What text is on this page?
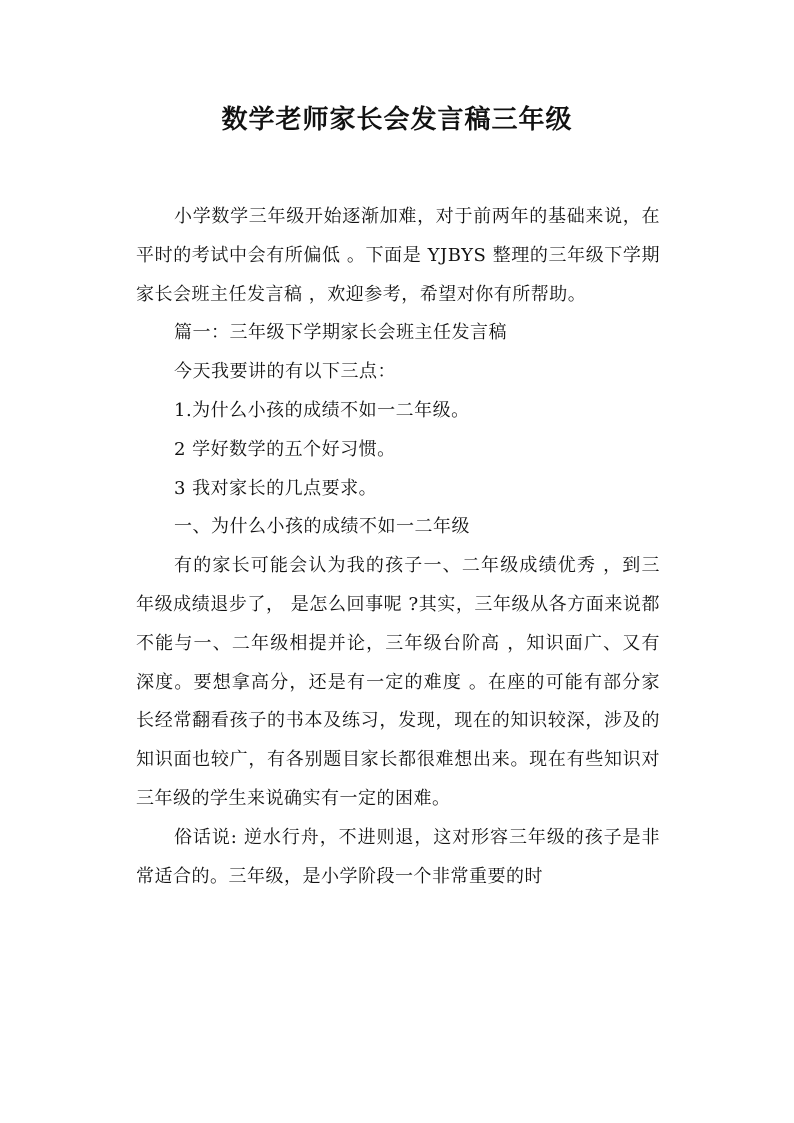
数学老师家长会发言稿三年级

小学数学三年级开始逐渐加难，对于前两年的基础来说，在平时的考试中会有所偏低 。下面是 YJBYS 整理的三年级下学期家长会班主任发言稿 ，欢迎参考，希望对你有所帮助。

篇一：三年级下学期家长会班主任发言稿

今天我要讲的有以下三点：

1.为什么小孩的成绩不如一二年级。

2 学好数学的五个好习惯。

3 我对家长的几点要求。

一、为什么小孩的成绩不如一二年级

有的家长可能会认为我的孩子一、二年级成绩优秀 ，到三年级成绩退步了， 是怎么回事呢 ?其实，三年级从各方面来说都不能与一、二年级相提并论，三年级台阶高 ，知识面广、又有深度。要想拿高分，还是有一定的难度 。在座的可能有部分家长经常翻看孩子的书本及练习，发现，现在的知识较深，涉及的知识面也较广，有各别题目家长都很难想出来。现在有些知识对三年级的学生来说确实有一定的困难。

俗话说: 逆水行舟，不进则退，这对形容三年级的孩子是非常适合的。三年级，是小学阶段一个非常重要的时
